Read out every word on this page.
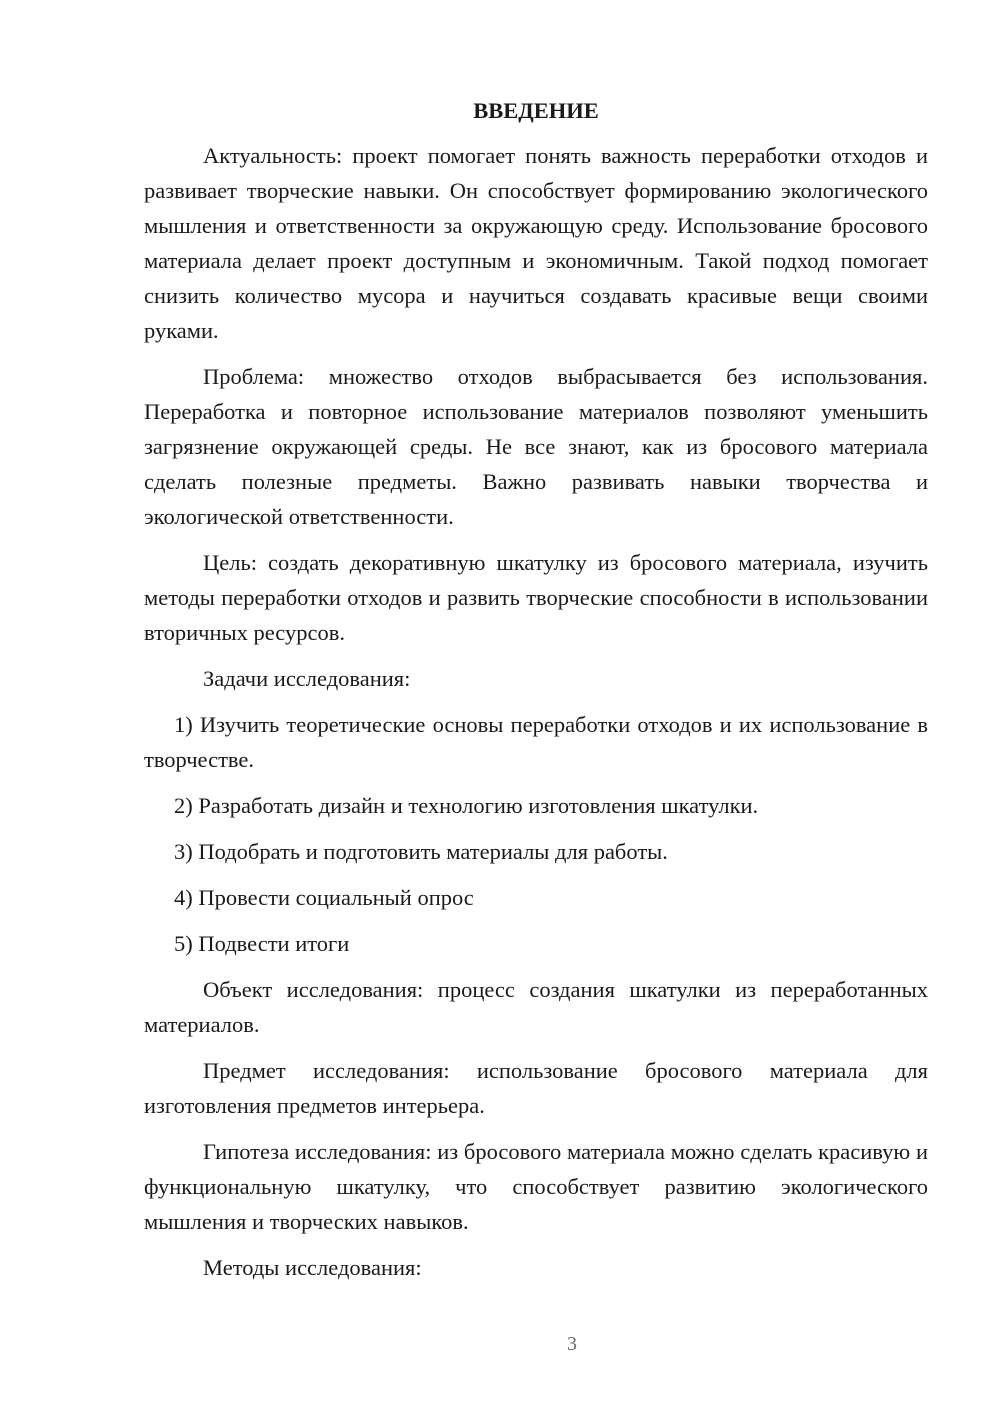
ВВЕДЕНИЕ

Актуальность: проект помогает понять важность переработки отходов и развивает творческие навыки. Он способствует формированию экологического мышления и ответственности за окружающую среду. Использование бросового материала делает проект доступным и экономичным. Такой подход помогает снизить количество мусора и научиться создавать красивые вещи своими руками.

Проблема: множество отходов выбрасывается без использования. Переработка и повторное использование материалов позволяют уменьшить загрязнение окружающей среды. Не все знают, как из бросового материала сделать полезные предметы. Важно развивать навыки творчества и экологической ответственности.

Цель: создать декоративную шкатулку из бросового материала, изучить методы переработки отходов и развить творческие способности в использовании вторичных ресурсов.

Задачи исследования:

1) Изучить теоретические основы переработки отходов и их использование в творчестве.

2) Разработать дизайн и технологию изготовления шкатулки.

3) Подобрать и подготовить материалы для работы.

4) Провести социальный опрос

5) Подвести итоги

Объект исследования: процесс создания шкатулки из переработанных материалов.

Предмет исследования: использование бросового материала для изготовления предметов интерьера.

Гипотеза исследования: из бросового материала можно сделать красивую и функциональную шкатулку, что способствует развитию экологического мышления и творческих навыков.

Методы исследования:

3
